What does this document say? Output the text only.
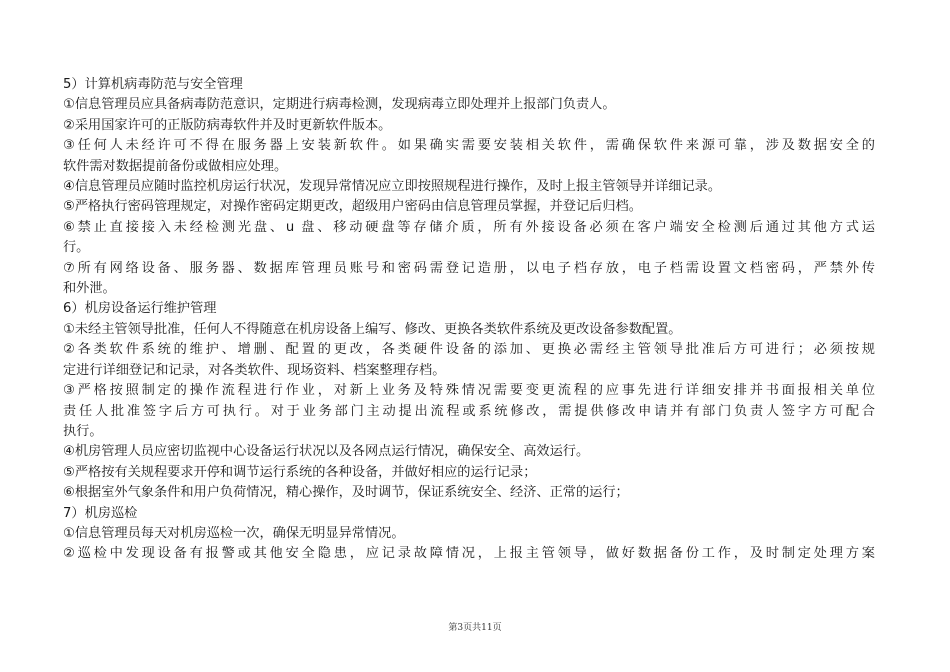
5）计算机病毒防范与安全管理
①信息管理员应具备病毒防范意识，定期进行病毒检测，发现病毒立即处理并上报部门负责人。
②采用国家许可的正版防病毒软件并及时更新软件版本。
③任何人未经许可不得在服务器上安装新软件。如果确实需要安装相关软件，需确保软件来源可靠，涉及数据安全的
软件需对数据提前备份或做相应处理。
④信息管理员应随时监控机房运行状况，发现异常情况应立即按照规程进行操作，及时上报主管领导并详细记录。
⑤严格执行密码管理规定，对操作密码定期更改，超级用户密码由信息管理员掌握，并登记后归档。
⑥禁止直接接入未经检测光盘、u 盘、移动硬盘等存储介质，所有外接设备必须在客户端安全检测后通过其他方式运
行。
⑦所有网络设备、服务器、数据库管理员账号和密码需登记造册，以电子档存放，电子档需设置文档密码，严禁外传
和外泄。
6）机房设备运行维护管理
①未经主管领导批准，任何人不得随意在机房设备上编写、修改、更换各类软件系统及更改设备参数配置。
②各类软件系统的维护、增删、配置的更改，各类硬件设备的添加、更换必需经主管领导批准后方可进行；必须按规
定进行详细登记和记录，对各类软件、现场资料、档案整理存档。
③严格按照制定的操作流程进行作业，对新上业务及特殊情况需要变更流程的应事先进行详细安排并书面报相关单位
责任人批准签字后方可执行。对于业务部门主动提出流程或系统修改，需提供修改申请并有部门负责人签字方可配合
执行。
④机房管理人员应密切监视中心设备运行状况以及各网点运行情况，确保安全、高效运行。
⑤严格按有关规程要求开停和调节运行系统的各种设备，并做好相应的运行记录；
⑥根据室外气象条件和用户负荷情况，精心操作，及时调节，保证系统安全、经济、正常的运行；
7）机房巡检
①信息管理员每天对机房巡检一次，确保无明显异常情况。
②巡检中发现设备有报警或其他安全隐患，应记录故障情况，上报主管领导，做好数据备份工作，及时制定处理方案
第3页共11页
